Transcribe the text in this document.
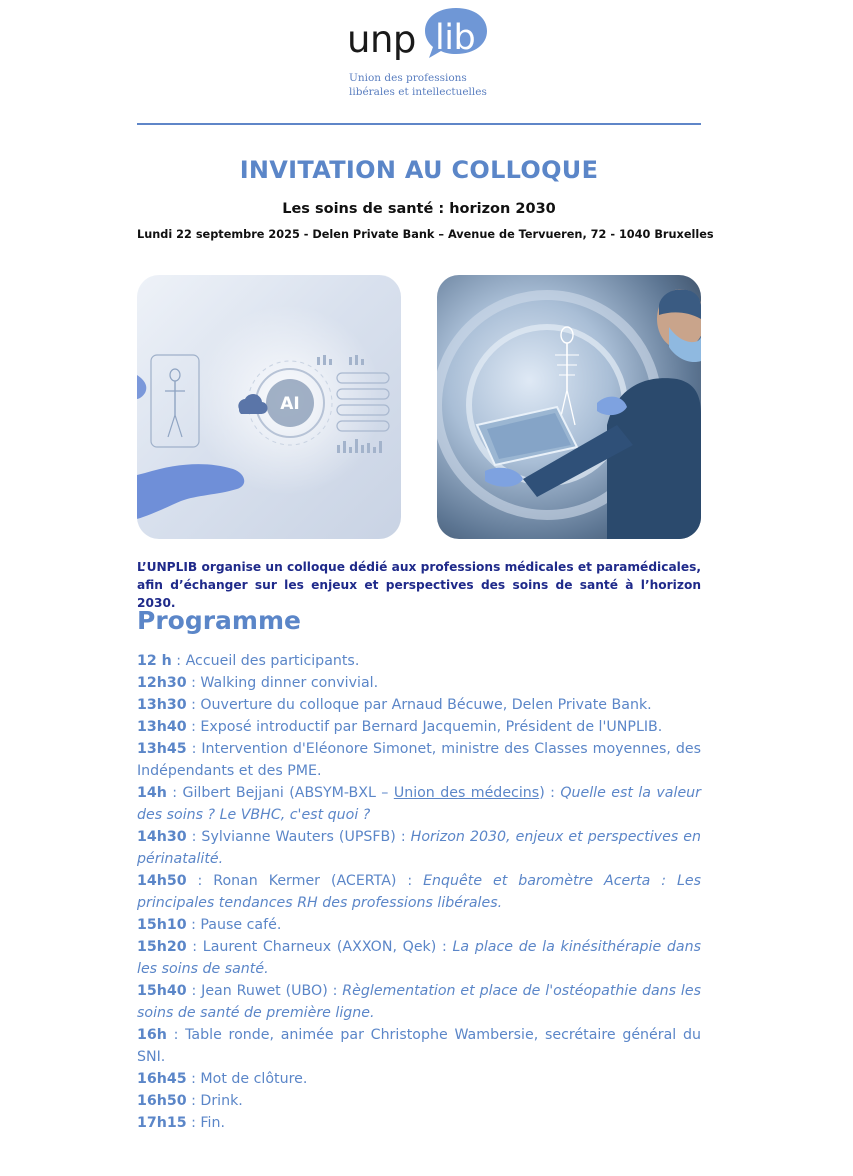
unp lib
Union des professions
libérales et intellectuelles
INVITATION AU COLLOQUE
Les soins de santé : horizon 2030
Lundi 22 septembre 2025 - Delen Private Bank – Avenue de Tervueren, 72 - 1040 Bruxelles
AI
L’UNPLIB organise un colloque dédié aux professions médicales et paramédicales, afin d’échanger sur les enjeux et perspectives des soins de santé à l’horizon 2030.
Programme
12 h : Accueil des participants.
12h30 : Walking dinner convivial.
13h30 : Ouverture du colloque par Arnaud Bécuwe, Delen Private Bank.
13h40 : Exposé introductif par Bernard Jacquemin, Président de l'UNPLIB.
13h45 : Intervention d'Eléonore Simonet, ministre des Classes moyennes, des Indépendants et des PME.
14h : Gilbert Bejjani (ABSYM-BXL – Union des médecins) : Quelle est la valeur des soins ? Le VBHC, c'est quoi ?
14h30 : Sylvianne Wauters (UPSFB) : Horizon 2030, enjeux et perspectives en périnatalité.
14h50 : Ronan Kermer (ACERTA) : Enquête et baromètre Acerta : Les principales tendances RH des professions libérales.
15h10 : Pause café.
15h20 : Laurent Charneux (AXXON, Qek) : La place de la kinésithérapie dans les soins de santé.
15h40 : Jean Ruwet (UBO) : Règlementation et place de l'ostéopathie dans les soins de santé de première ligne.
16h : Table ronde, animée par Christophe Wambersie, secrétaire général du SNI.
16h45 : Mot de clôture.
16h50 : Drink.
17h15 : Fin.
